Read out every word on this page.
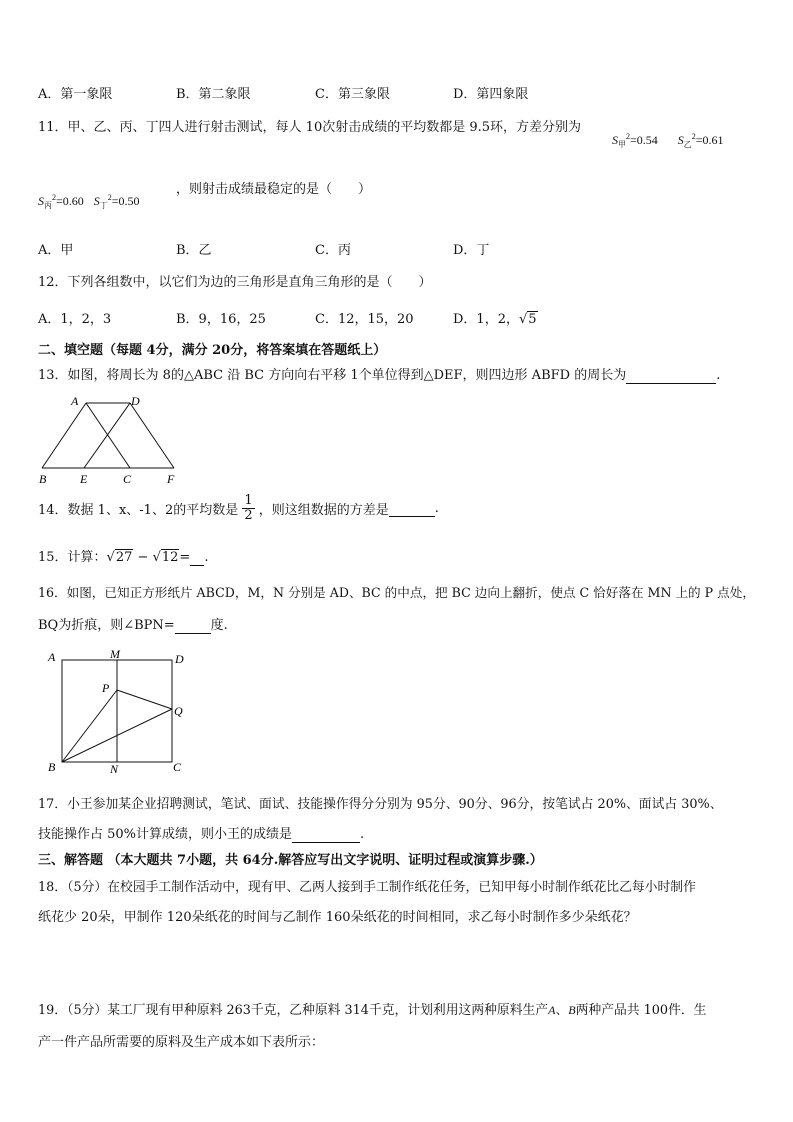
A．第一象限	B．第二象限	C．第三象限	D．第四象限
11．甲、乙、丙、丁四人进行射击测试，每人 10次射击成绩的平均数都是 9.5环，方差分别为
$S_甲^2=0.54$ $S_乙^2=0.61$
$S_丙^2=0.60$ $S_丁^2=0.50$
，则射击成绩最稳定的是（　　）
A．甲	B．乙	C．丙	D．丁
12．下列各组数中，以它们为边的三角形是直角三角形的是（　　）
A．1，2，3	B．9，16，25	C．12，15，20	D．1，2，√5
二、填空题（每题 4分，满分 20分，将答案填在答题纸上）
13．如图，将周长为 8的△ABC 沿 BC 方向向右平移 1个单位得到△DEF，则四边形 ABFD 的周长为	.
A	D
B	E	C	F
14．数据 1、x、-1、2的平均数是 $\frac{1}{2}$ ，则这组数据的方差是	.
15．计算：√27 − √12= .
16．如图，已知正方形纸片 ABCD，M，N 分别是 AD、BC 的中点，把 BC 边向上翻折，使点 C 恰好落在 MN 上的 P 点处，
BQ为折痕，则∠BPN=	度.
A	M	D
P
Q
B	N	C
17．小王参加某企业招聘测试，笔试、面试、技能操作得分分别为 95分、90分、96分，按笔试占 20%、面试占 30%、
技能操作占 50%计算成绩，则小王的成绩是	.
三、解答题 （本大题共 7小题，共 64分.解答应写出文字说明、证明过程或演算步骤.）
18．（5分）在校园手工制作活动中，现有甲、乙两人接到手工制作纸花任务，已知甲每小时制作纸花比乙每小时制作
纸花少 20朵，甲制作 120朵纸花的时间与乙制作 160朵纸花的时间相同，求乙每小时制作多少朵纸花？
19．（5分）某工厂现有甲种原料 263千克，乙种原料 314千克，计划利用这两种原料生产A、B两种产品共 100件．生
产一件产品所需要的原料及生产成本如下表所示：
